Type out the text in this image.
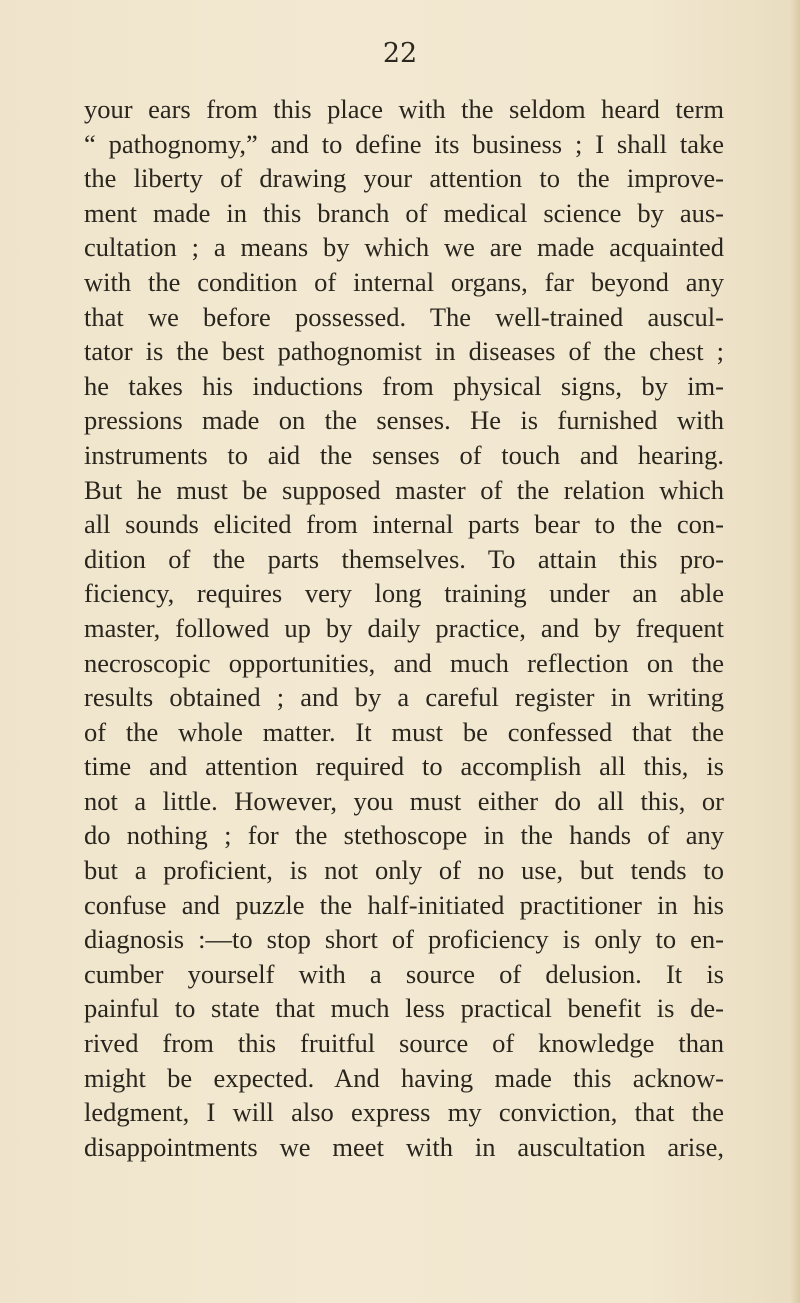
22
your ears from this place with the seldom heard term
“ pathognomy,” and to define its business ; I shall take
the liberty of drawing your attention to the improve-
ment made in this branch of medical science by aus-
cultation ; a means by which we are made acquainted
with the condition of internal organs, far beyond any
that we before possessed. The well-trained auscul-
tator is the best pathognomist in diseases of the chest ;
he takes his inductions from physical signs, by im-
pressions made on the senses. He is furnished with
instruments to aid the senses of touch and hearing.
But he must be supposed master of the relation which
all sounds elicited from internal parts bear to the con-
dition of the parts themselves. To attain this pro-
ficiency, requires very long training under an able
master, followed up by daily practice, and by frequent
necroscopic opportunities, and much reflection on the
results obtained ; and by a careful register in writing
of the whole matter. It must be confessed that the
time and attention required to accomplish all this, is
not a little. However, you must either do all this, or
do nothing ; for the stethoscope in the hands of any
but a proficient, is not only of no use, but tends to
confuse and puzzle the half-initiated practitioner in his
diagnosis :—to stop short of proficiency is only to en-
cumber yourself with a source of delusion. It is
painful to state that much less practical benefit is de-
rived from this fruitful source of knowledge than
might be expected. And having made this acknow-
ledgment, I will also express my conviction, that the
disappointments we meet with in auscultation arise,
